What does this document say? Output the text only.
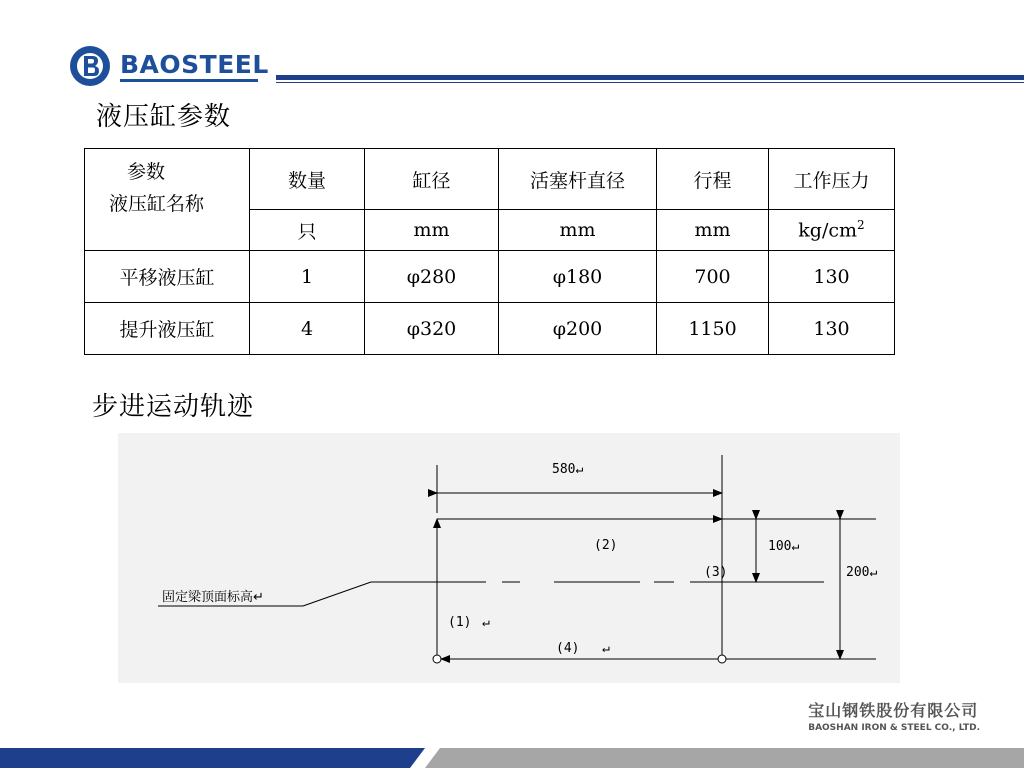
BAOSTEEL
液压缸参数
参数
液压缸名称	数量	缸径	活塞杆直径	行程	工作压力
	只	mm	mm	mm	$kg/cm^2$
平移液压缸	1	φ280	φ180	700	130
提升液压缸	4	φ320	φ200	1150	130
步进运动轨迹
580↵
(2)
(3)
(1) ↵
(4) ↵
100↵
200↵
固定梁顶面标高↵
宝山钢铁股份有限公司
BAOSHAN IRON & STEEL CO., LTD.
